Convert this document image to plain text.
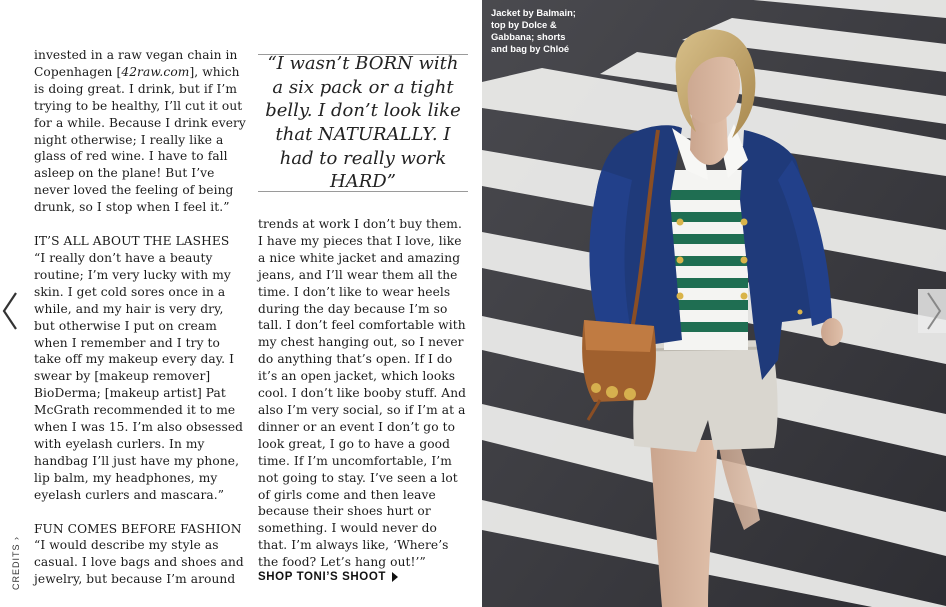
invested in a raw vegan chain in Copenhagen [42raw.com], which is doing great. I drink, but if I’m trying to be healthy, I’ll cut it out for a while. Because I drink every night otherwise; I really like a glass of red wine. I have to fall asleep on the plane! But I’ve never loved the feeling of being drunk, so I stop when I feel it.”

IT’S ALL ABOUT THE LASHES

“I really don’t have a beauty routine; I’m very lucky with my skin. I get cold sores once in a while, and my hair is very dry, but otherwise I put on cream when I remember and I try to take off my makeup every day. I swear by [makeup remover] BioDerma; [makeup artist] Pat McGrath recommended it to me when I was 15. I’m also obsessed with eyelash curlers. In my handbag I’ll just have my phone, lip balm, my headphones, my eyelash curlers and mascara.”

FUN COMES BEFORE FASHION

“I would describe my style as casual. I love bags and shoes and jewelry, but because I’m around

“I wasn’t BORN with a six pack or a tight belly. I don’t look like that NATURALLY. I had to really work HARD”

trends at work I don’t buy them. I have my pieces that I love, like a nice white jacket and amazing jeans, and I’ll wear them all the time. I don’t like to wear heels during the day because I’m so tall. I don’t feel comfortable with my chest hanging out, so I never do anything that’s open. If I do it’s an open jacket, which looks cool. I don’t like booby stuff. And also I’m very social, so if I’m at a dinner or an event I don’t go to look great, I go to have a good time. If I’m uncomfortable, I’m not going to stay. I’ve seen a lot of girls come and then leave because their shoes hurt or something. I would never do that. I’m always like, ‘Where’s the food? Let’s hang out!’”

SHOP TONI’S SHOOT
CREDITS ›
Jacket by Balmain; top by Dolce & Gabbana; shorts and bag by Chloé
